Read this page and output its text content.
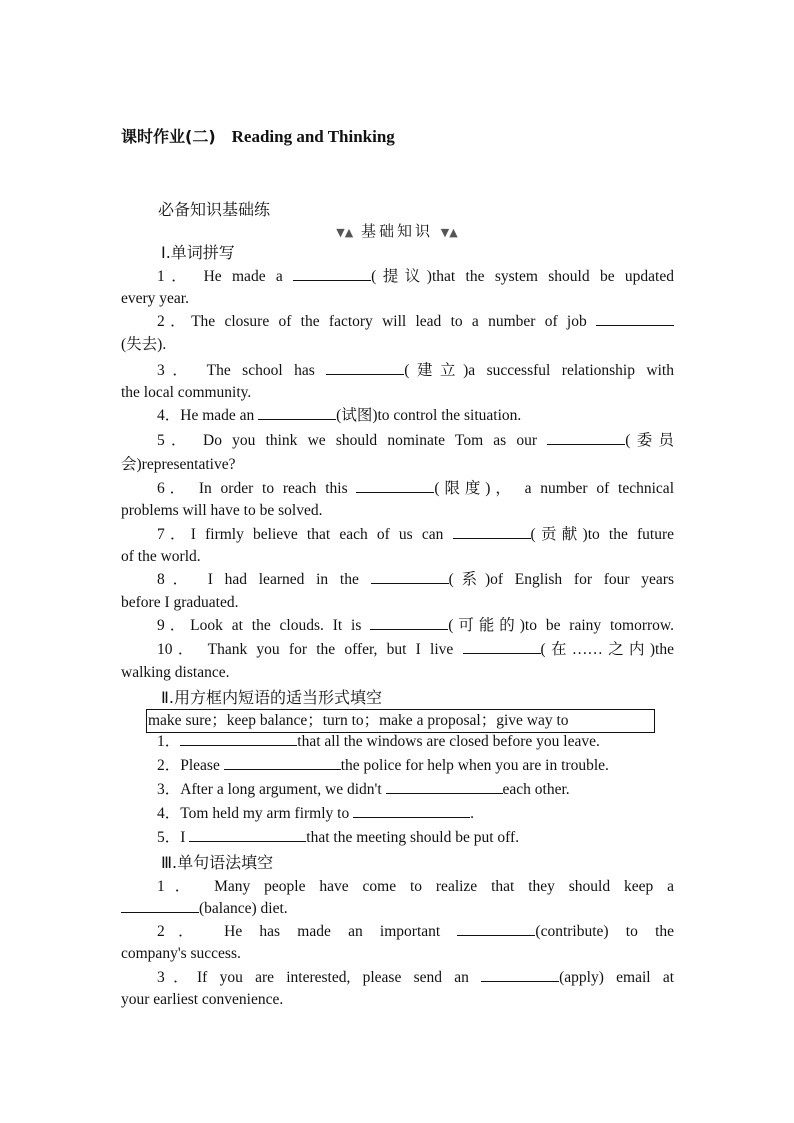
课时作业(二) Reading and Thinking
必备知识基础练
▼▲ 基础知识 ▼▲
Ⅰ.单词拼写
1． He made a	(提议)that the system should be updated
every year.
2．The closure of the factory will lead to a number of job
(失去).
3． The school has	(建立)a successful relationship with
the local community.
4．He made an	(试图)to control the situation.
5． Do you think we should nominate Tom as our	(委员
会)representative?
6． In order to reach this	(限度)， a number of technical
problems will have to be solved.
7．I firmly believe that each of us can	(贡献)to the future
of the world.
8． I had learned in the	(系)of English for four years
before I graduated.
9．Look at the clouds. It is	(可能的)to be rainy tomorrow.
10． Thank you for the offer, but I live	(在……之内)the
walking distance.
Ⅱ.用方框内短语的适当形式填空
make sure；keep balance；turn to；make a proposal；give way to
1．	that all the windows are closed before you leave.
2．Please	the police for help when you are in trouble.
3．After a long argument, we didn't	each other.
4．Tom held my arm firmly to	.
5．I	that the meeting should be put off.
Ⅲ.单句语法填空
1． Many people have come to realize that they should keep a
(balance) diet.
2． He has made an important	(contribute) to the
company's success.
3．If you are interested, please send an	(apply) email at
your earliest convenience.
